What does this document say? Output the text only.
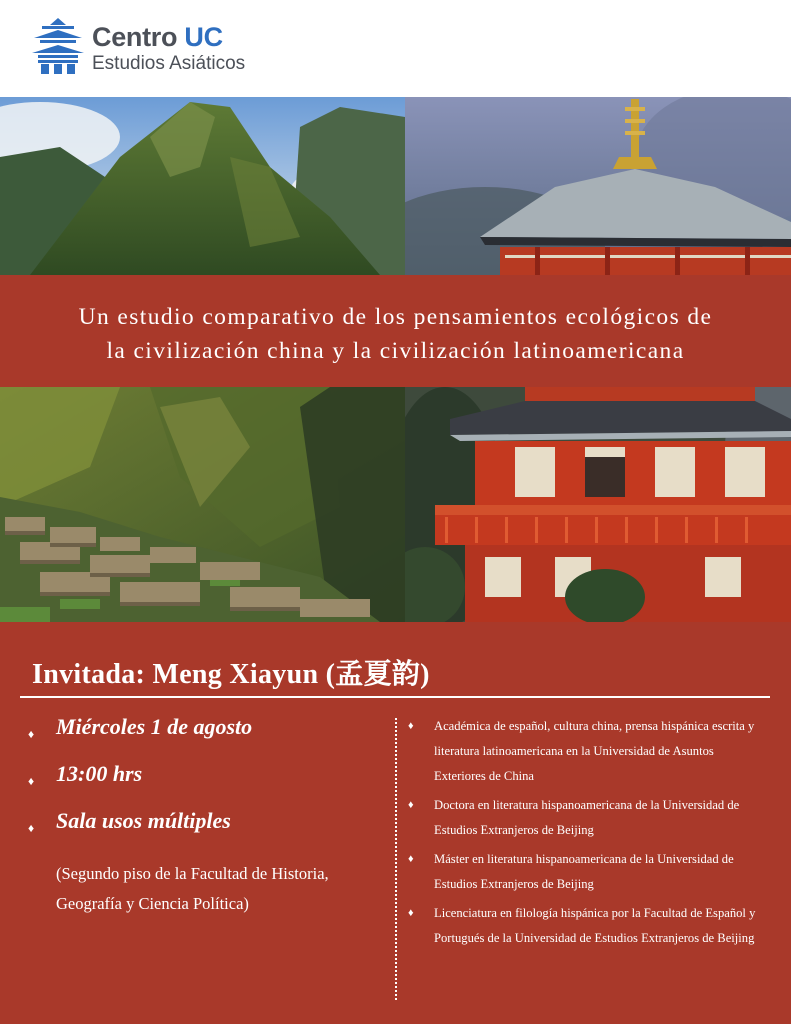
Centro UC
Estudios Asiáticos
Un estudio comparativo de los pensamientos ecológicos de
la civilización china y la civilización latinoamericana
Invitada: Meng Xiayun (孟夏韵)
♦ Miércoles 1 de agosto
♦ 13:00 hrs
♦ Sala usos múltiples
(Segundo piso de la Facultad de Historia, Geografía y Ciencia Política)
♦ Académica de español, cultura china, prensa hispánica escrita y literatura latinoamericana en la Universidad de Asuntos Exteriores de China
♦ Doctora en literatura hispanoamericana de la Universidad de Estudios Extranjeros de Beijing
♦ Máster en literatura hispanoamericana de la Universidad de Estudios Extranjeros de Beijing
♦ Licenciatura en filología hispánica por la Facultad de Español y Portugués de la Universidad de Estudios Extranjeros de Beijing
